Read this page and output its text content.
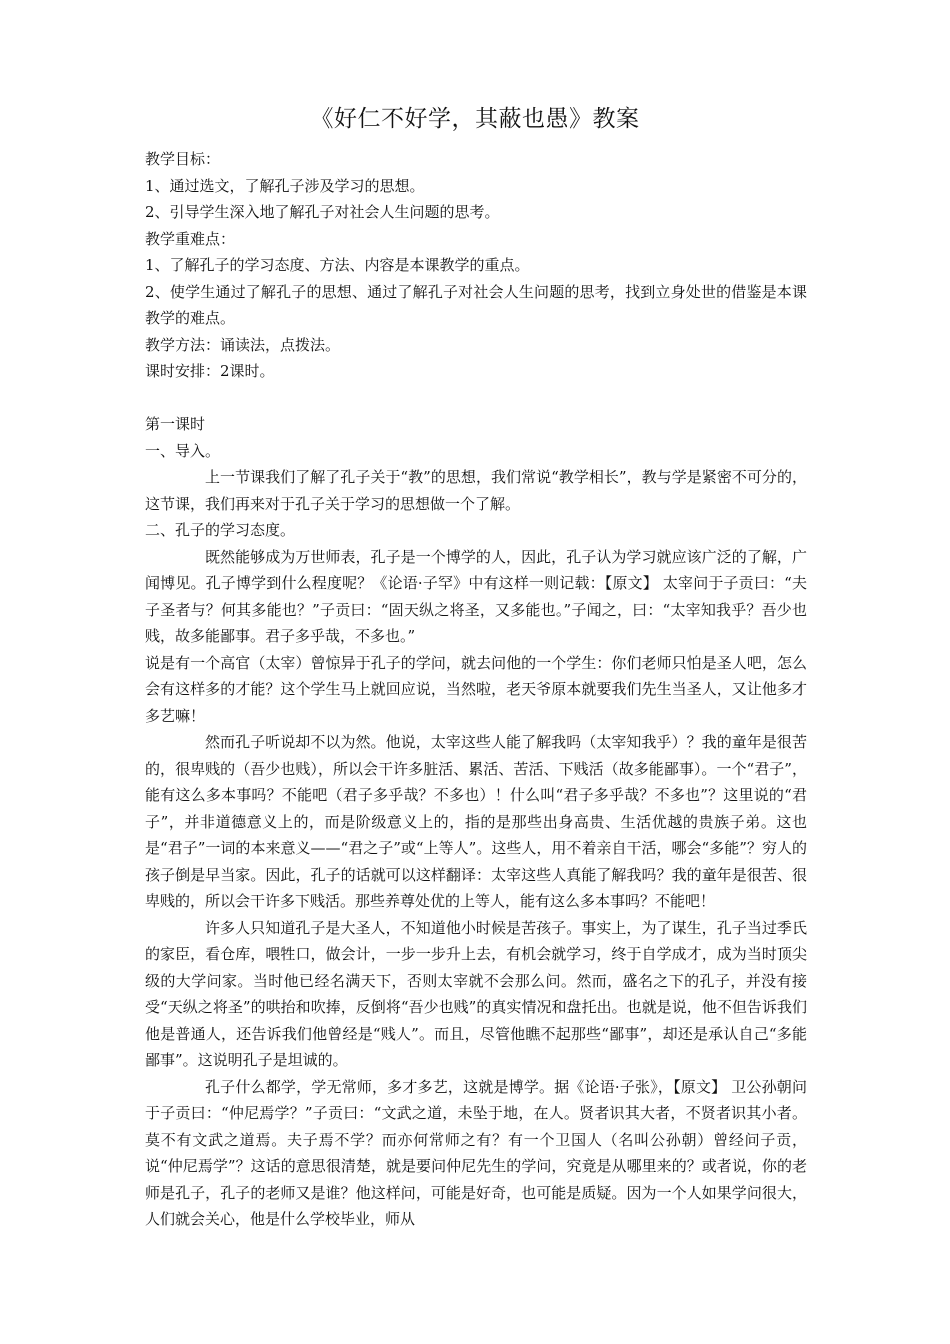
《好仁不好学，其蔽也愚》教案

教学目标：

1、通过选文，了解孔子涉及学习的思想。

2、引导学生深入地了解孔子对社会人生问题的思考。

教学重难点：

1、了解孔子的学习态度、方法、内容是本课教学的重点。

2、使学生通过了解孔子的思想、通过了解孔子对社会人生问题的思考，找到立身处世的借鉴是本课教学的难点。

教学方法：诵读法，点拨法。

课时安排：2课时。

第一课时

一、导入。

上一节课我们了解了孔子关于“教”的思想，我们常说“教学相长”，教与学是紧密不可分的，这节课，我们再来对于孔子关于学习的思想做一个了解。

二、孔子的学习态度。

既然能够成为万世师表，孔子是一个博学的人，因此，孔子认为学习就应该广泛的了解，广闻博见。孔子博学到什么程度呢？《论语·子罕》中有这样一则记载：【原文】 太宰问于子贡曰：“夫子圣者与？何其多能也？”子贡曰：“固天纵之将圣，又多能也。”子闻之，曰：“太宰知我乎？吾少也贱，故多能鄙事。君子多乎哉，不多也。”

说是有一个高官（太宰）曾惊异于孔子的学问，就去问他的一个学生：你们老师只怕是圣人吧，怎么会有这样多的才能？这个学生马上就回应说，当然啦，老天爷原本就要我们先生当圣人，又让他多才多艺嘛！

然而孔子听说却不以为然。他说，太宰这些人能了解我吗（太宰知我乎）？我的童年是很苦的，很卑贱的（吾少也贱），所以会干许多脏活、累活、苦活、下贱活（故多能鄙事）。一个“君子”，能有这么多本事吗？不能吧（君子多乎哉？不多也）！什么叫“君子多乎哉？不多也”？这里说的“君子”，并非道德意义上的，而是阶级意义上的，指的是那些出身高贵、生活优越的贵族子弟。这也是“君子”一词的本来意义——“君之子”或“上等人”。这些人，用不着亲自干活，哪会“多能”？穷人的孩子倒是早当家。因此，孔子的话就可以这样翻译：太宰这些人真能了解我吗？我的童年是很苦、很卑贱的，所以会干许多下贱活。那些养尊处优的上等人，能有这么多本事吗？不能吧！

许多人只知道孔子是大圣人，不知道他小时候是苦孩子。事实上，为了谋生，孔子当过季氏的家臣，看仓库，喂牲口，做会计，一步一步升上去，有机会就学习，终于自学成才，成为当时顶尖级的大学问家。当时他已经名满天下，否则太宰就不会那么问。然而，盛名之下的孔子，并没有接受“天纵之将圣”的哄抬和吹捧，反倒将“吾少也贱”的真实情况和盘托出。也就是说，他不但告诉我们他是普通人，还告诉我们他曾经是“贱人”。而且，尽管他瞧不起那些“鄙事”，却还是承认自己“多能鄙事”。这说明孔子是坦诚的。

孔子什么都学，学无常师，多才多艺，这就是博学。据《论语·子张》，【原文】 卫公孙朝问于子贡曰：“仲尼焉学？”子贡曰：“文武之道，未坠于地，在人。贤者识其大者，不贤者识其小者。莫不有文武之道焉。夫子焉不学？而亦何常师之有？有一个卫国人（名叫公孙朝）曾经问子贡，说“仲尼焉学”？这话的意思很清楚，就是要问仲尼先生的学问，究竟是从哪里来的？或者说，你的老师是孔子，孔子的老师又是谁？他这样问，可能是好奇，也可能是质疑。因为一个人如果学问很大，人们就会关心，他是什么学校毕业，师从
